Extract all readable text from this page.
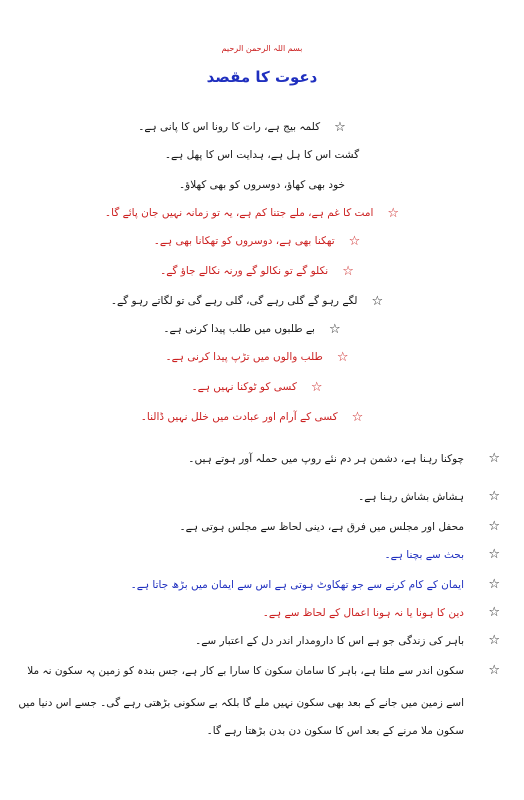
بسم اللہ الرحمن الرحیم
دعوت کا مقصد
☆کلمہ بیج ہے، رات کا رونا اس کا پانی ہے۔
گشت اس کا ہل ہے، ہدایت اس کا پھل ہے۔
خود بھی کھاؤ، دوسروں کو بھی کھلاؤ۔
☆امت کا غم ہے، ملے جتنا کم ہے، یہ تو زمانہ نہیں جان پائے گا۔
☆تھکنا بھی ہے، دوسروں کو تھکانا بھی ہے۔
☆نکلو گے تو نکالو گے ورنہ نکالے جاؤ گے۔
☆لگے رہو گے گلی رہے گی، گلی رہے گی تو لگاتے رہو گے۔
☆بے طلبوں میں طلب پیدا کرنی ہے۔
☆طلب والوں میں تڑپ پیدا کرنی ہے۔
☆کسی کو ٹوکنا نہیں ہے۔
☆کسی کے آرام اور عبادت میں خلل نہیں ڈالنا۔
☆
چوکنا رہنا ہے، دشمن ہر دم نئے روپ میں حملہ آور ہوتے ہیں۔
☆
ہشاش بشاش رہنا ہے۔
☆
محفل اور مجلس میں فرق ہے، دینی لحاظ سے مجلس ہوتی ہے۔
☆
بحث سے بچنا ہے۔
☆
ایمان کے کام کرنے سے جو تھکاوٹ ہوتی ہے اس سے ایمان میں بڑھ جاتا ہے۔
☆
دین کا ہونا یا نہ ہونا اعمال کے لحاظ سے ہے۔
☆
باہر کی زندگی جو ہے اس کا دارومدار اندر دل کے اعتبار سے۔
☆
سکون اندر سے ملتا ہے، باہر کا سامان سکون کا سارا بے کار ہے، جس بندہ کو زمین پہ سکون نہ ملا
اسے زمین میں جانے کے بعد بھی سکون نہیں ملے گا بلکہ بے سکونی بڑھتی رہے گی۔ جسے اس دنیا میں
سکون ملا مرنے کے بعد اس کا سکون دن بدن بڑھتا رہے گا۔
